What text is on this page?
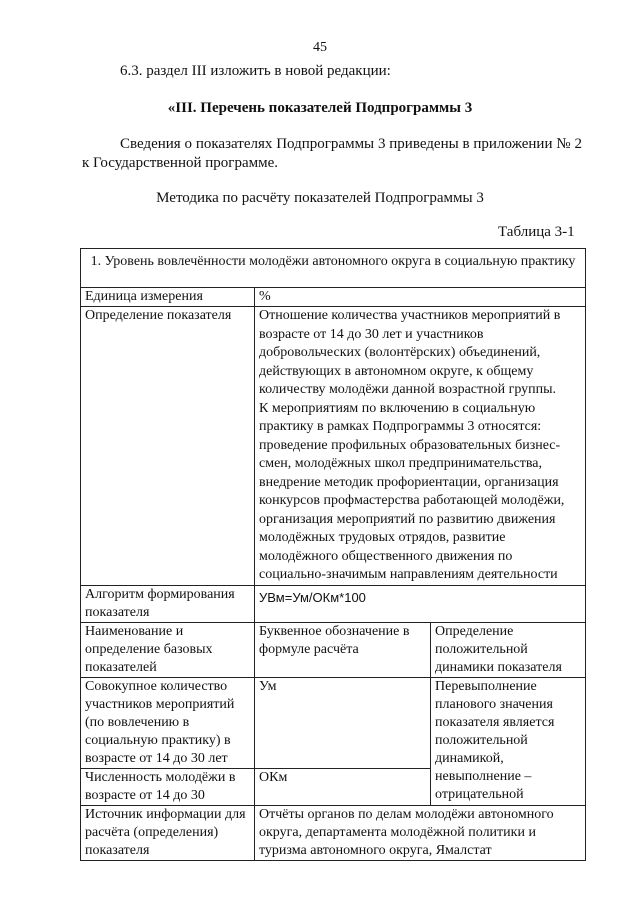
45
6.3. раздел III изложить в новой редакции:
«III. Перечень показателей Подпрограммы 3
Сведения о показателях Подпрограммы 3 приведены в приложении № 2
к Государственной программе.
Методика по расчёту показателей Подпрограммы 3
Таблица 3-1
1. Уровень вовлечённости молодёжи автономного округа в социальную практику		
Единица измерения	%	
Определение показателя	Отношение количества участников мероприятий в возрасте от 14 до 30 лет и участников добровольческих (волонтёрских) объединений, действующих в автономном округе, к общему количеству молодёжи данной возрастной группы. К мероприятиям по включению в социальную практику в рамках Подпрограммы 3 относятся: проведение профильных образовательных бизнес-смен, молодёжных школ предпринимательства, внедрение методик профориентации, организация конкурсов профмастерства работающей молодёжи, организация мероприятий по развитию движения молодёжных трудовых отрядов, развитие молодёжного общественного движения по социально-значимым направлениям деятельности	
Алгоритм формирования показателя	УВм=Ум/ОКм*100	
Наименование и определение базовых показателей	Буквенное обозначение в формуле расчёта	Определение положительной динамики показателя
Совокупное количество участников мероприятий (по вовлечению в социальную практику) в возрасте от 14 до 30 лет	Ум	Перевыполнение планового значения показателя является положительной динамикой, невыполнение – отрицательной
Численность молодёжи в возрасте от 14 до 30	ОКм	
Источник информации для расчёта (определения) показателя	Отчёты органов по делам молодёжи автономного округа, департамента молодёжной политики и туризма автономного округа, Ямалстат	
